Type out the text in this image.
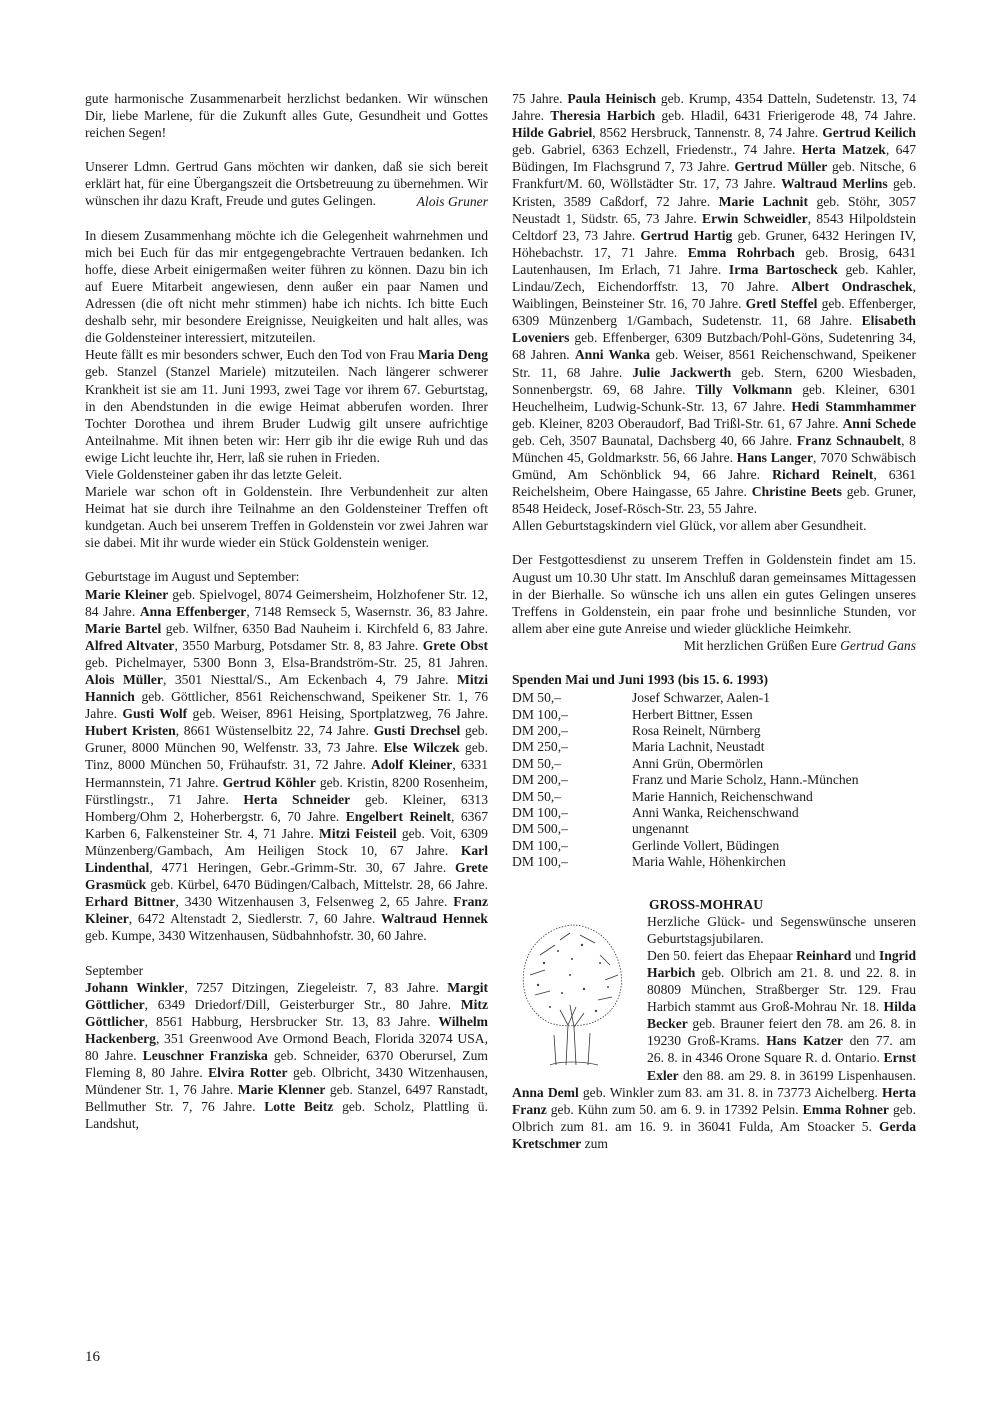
gute harmonische Zusammenarbeit herzlichst bedanken. Wir wünschen Dir, liebe Marlene, für die Zukunft alles Gute, Gesundheit und Gottes reichen Segen!

Unserer Ldmn. Gertrud Gans möchten wir danken, daß sie sich bereit erklärt hat, für eine Übergangszeit die Ortsbetreuung zu übernehmen. Wir wünschen ihr dazu Kraft, Freude und gutes Gelingen.	Alois Gruner

In diesem Zusammenhang möchte ich die Gelegenheit wahrnehmen und mich bei Euch für das mir entgegengebrachte Vertrauen bedanken. Ich hoffe, diese Arbeit einigermaßen weiter führen zu können. Dazu bin ich auf Euere Mitarbeit angewiesen, denn außer ein paar Namen und Adressen (die oft nicht mehr stimmen) habe ich nichts. Ich bitte Euch deshalb sehr, mir besondere Ereignisse, Neuigkeiten und halt alles, was die Goldensteiner interessiert, mitzuteilen.

Heute fällt es mir besonders schwer, Euch den Tod von Frau Maria Deng geb. Stanzel (Stanzel Mariele) mitzuteilen. Nach längerer schwerer Krankheit ist sie am 11. Juni 1993, zwei Tage vor ihrem 67. Geburtstag, in den Abendstunden in die ewige Heimat abberufen worden. Ihrer Tochter Dorothea und ihrem Bruder Ludwig gilt unsere aufrichtige Anteilnahme. Mit ihnen beten wir: Herr gib ihr die ewige Ruh und das ewige Licht leuchte ihr, Herr, laß sie ruhen in Frieden.

Viele Goldensteiner gaben ihr das letzte Geleit.

Mariele war schon oft in Goldenstein. Ihre Verbundenheit zur alten Heimat hat sie durch ihre Teilnahme an den Goldensteiner Treffen oft kundgetan. Auch bei unserem Treffen in Goldenstein vor zwei Jahren war sie dabei. Mit ihr wurde wieder ein Stück Goldenstein weniger.

Geburtstage im August und September:

Marie Kleiner geb. Spielvogel, 8074 Geimersheim, Holzhofener Str. 12, 84 Jahre. Anna Effenberger, 7148 Remseck 5, Wasernstr. 36, 83 Jahre. Marie Bartel geb. Wilfner, 6350 Bad Nauheim i. Kirchfeld 6, 83 Jahre. Alfred Altvater, 3550 Marburg, Potsdamer Str. 8, 83 Jahre. Grete Obst geb. Pichelmayer, 5300 Bonn 3, Elsa-Brandström-Str. 25, 81 Jahren. Alois Müller, 3501 Niesttal/S., Am Eckenbach 4, 79 Jahre. Mitzi Hannich geb. Göttlicher, 8561 Reichenschwand, Speikener Str. 1, 76 Jahre. Gusti Wolf geb. Weiser, 8961 Heising, Sportplatzweg, 76 Jahre. Hubert Kristen, 8661 Wüstenselbitz 22, 74 Jahre. Gusti Drechsel geb. Gruner, 8000 München 90, Welfenstr. 33, 73 Jahre. Else Wilczek geb. Tinz, 8000 München 50, Frühaufstr. 31, 72 Jahre. Adolf Kleiner, 6331 Hermannstein, 71 Jahre. Gertrud Köhler geb. Kristin, 8200 Rosenheim, Fürstlingstr., 71 Jahre. Herta Schneider geb. Kleiner, 6313 Homberg/Ohm 2, Hoherbergstr. 6, 70 Jahre. Engelbert Reinelt, 6367 Karben 6, Falkensteiner Str. 4, 71 Jahre. Mitzi Feisteil geb. Voit, 6309 Münzenberg/Gambach, Am Heiligen Stock 10, 67 Jahre. Karl Lindenthal, 4771 Heringen, Gebr.-Grimm-Str. 30, 67 Jahre. Grete Grasmück geb. Kürbel, 6470 Büdingen/Calbach, Mittelstr. 28, 66 Jahre. Erhard Bittner, 3430 Witzenhausen 3, Felsenweg 2, 65 Jahre. Franz Kleiner, 6472 Altenstadt 2, Siedlerstr. 7, 60 Jahre. Waltraud Hennek geb. Kumpe, 3430 Witzenhausen, Südbahnhofstr. 30, 60 Jahre.

September

Johann Winkler, 7257 Ditzingen, Ziegeleistr. 7, 83 Jahre. Margit Göttlicher, 6349 Driedorf/Dill, Geisterburger Str., 80 Jahre. Mitz Göttlicher, 8561 Habburg, Hersbrucker Str. 13, 83 Jahre. Wilhelm Hackenberg, 351 Greenwood Ave Ormond Beach, Florida 32074 USA, 80 Jahre. Leuschner Franziska geb. Schneider, 6370 Oberursel, Zum Fleming 8, 80 Jahre. Elvira Rotter geb. Olbricht, 3430 Witzenhausen, Mündener Str. 1, 76 Jahre. Marie Klenner geb. Stanzel, 6497 Ranstadt, Bellmuther Str. 7, 76 Jahre. Lotte Beitz geb. Scholz, Plattling ü. Landshut,

75 Jahre. Paula Heinisch geb. Krump, 4354 Datteln, Sudetenstr. 13, 74 Jahre. Theresia Harbich geb. Hladil, 6431 Frierigerode 48, 74 Jahre. Hilde Gabriel, 8562 Hersbruck, Tannenstr. 8, 74 Jahre. Gertrud Keilich geb. Gabriel, 6363 Echzell, Friedenstr., 74 Jahre. Herta Matzek, 647 Büdingen, Im Flachsgrund 7, 73 Jahre. Gertrud Müller geb. Nitsche, 6 Frankfurt/M. 60, Wöllstädter Str. 17, 73 Jahre. Waltraud Merlins geb. Kristen, 3589 Caßdorf, 72 Jahre. Marie Lachnit geb. Stöhr, 3057 Neustadt 1, Südstr. 65, 73 Jahre. Erwin Schweidler, 8543 Hilpoldstein Celtdorf 23, 73 Jahre. Gertrud Hartig geb. Gruner, 6432 Heringen IV, Höhebachstr. 17, 71 Jahre. Emma Rohrbach geb. Brosig, 6431 Lautenhausen, Im Erlach, 71 Jahre. Irma Bartoscheck geb. Kahler, Lindau/Zech, Eichendorffstr. 13, 70 Jahre. Albert Ondraschek, Waiblingen, Beinsteiner Str. 16, 70 Jahre. Gretl Steffel geb. Effenberger, 6309 Münzenberg 1/Gambach, Sudetenstr. 11, 68 Jahre. Elisabeth Loveniers geb. Effenberger, 6309 Butzbach/Pohl-Göns, Sudetenring 34, 68 Jahren. Anni Wanka geb. Weiser, 8561 Reichenschwand, Speikener Str. 11, 68 Jahre. Julie Jackwerth geb. Stern, 6200 Wiesbaden, Sonnenbergstr. 69, 68 Jahre. Tilly Volkmann geb. Kleiner, 6301 Heuchelheim, Ludwig-Schunk-Str. 13, 67 Jahre. Hedi Stammhammer geb. Kleiner, 8203 Oberaudorf, Bad Trißl-Str. 61, 67 Jahre. Anni Schede geb. Ceh, 3507 Baunatal, Dachsberg 40, 66 Jahre. Franz Schnaubelt, 8 München 45, Goldmarkstr. 56, 66 Jahre. Hans Langer, 7070 Schwäbisch Gmünd, Am Schönblick 94, 66 Jahre. Richard Reinelt, 6361 Reichelsheim, Obere Haingasse, 65 Jahre. Christine Beets geb. Gruner, 8548 Heideck, Josef-Rösch-Str. 23, 55 Jahre.

Allen Geburtstagskindern viel Glück, vor allem aber Gesundheit.

Der Festgottesdienst zu unserem Treffen in Goldenstein findet am 15. August um 10.30 Uhr statt. Im Anschluß daran gemeinsames Mittagessen in der Bierhalle. So wünsche ich uns allen ein gutes Gelingen unseres Treffens in Goldenstein, ein paar frohe und besinnliche Stunden, vor allem aber eine gute Anreise und wieder glückliche Heimkehr.

Mit herzlichen Grüßen Eure Gertrud Gans

Spenden Mai und Juni 1993 (bis 15. 6. 1993)

DM 50,–	Josef Schwarzer, Aalen-1
DM 100,–	Herbert Bittner, Essen
DM 200,–	Rosa Reinelt, Nürnberg
DM 250,–	Maria Lachnit, Neustadt
DM 50,–	Anni Grün, Obermörlen
DM 200,–	Franz und Marie Scholz, Hann.-München
DM 50,–	Marie Hannich, Reichenschwand
DM 100,–	Anni Wanka, Reichenschwand
DM 500,–	ungenannt
DM 100,–	Gerlinde Vollert, Büdingen
DM 100,–	Maria Wahle, Höhenkirchen

GROSS-MOHRAU

Herzliche Glück- und Segenswünsche unseren Geburtstagsjubilaren.

Den 50. feiert das Ehepaar Reinhard und Ingrid Harbich geb. Olbrich am 21. 8. und 22. 8. in 80809 München, Straßberger Str. 129. Frau Harbich stammt aus Groß-Mohrau Nr. 18. Hilda Becker geb. Brauner feiert den 78. am 26. 8. in 19230 Groß-Krams. Hans Katzer den 77. am 26. 8. in 4346 Orone Square R. d. Ontario. Ernst Exler den 88. am 29. 8. in 36199 Lispenhausen. Anna Deml geb. Winkler zum 83. am 31. 8. in 73773 Aichelberg. Herta Franz geb. Kühn zum 50. am 6. 9. in 17392 Pelsin. Emma Rohner geb. Olbrich zum 81. am 16. 9. in 36041 Fulda, Am Stoacker 5. Gerda Kretschmer zum

16
